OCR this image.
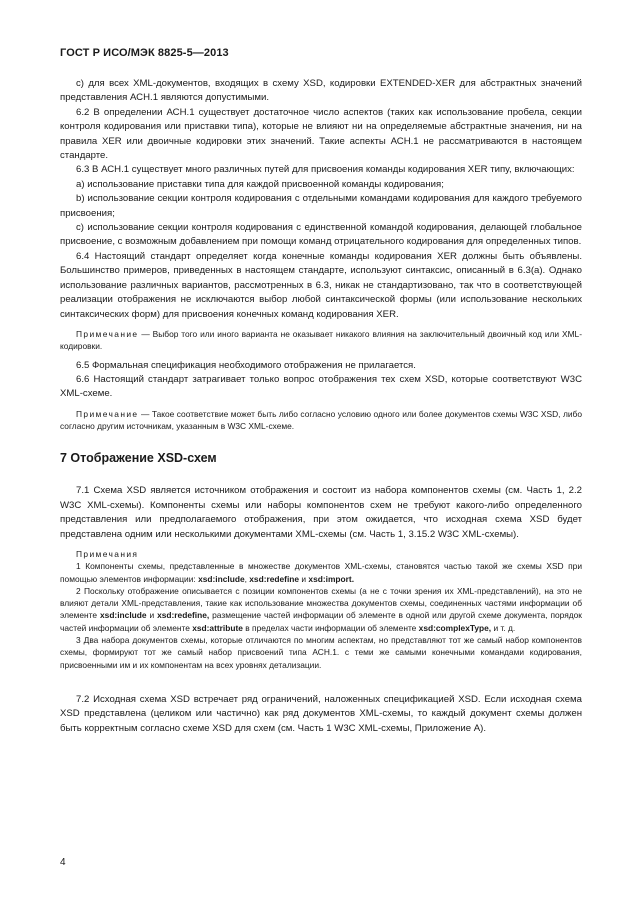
ГОСТ Р ИСО/МЭК 8825-5—2013

с) для всех XML-документов, входящих в схему XSD, кодировки EXTENDED-XER для абстрактных значений представления АСН.1 являются допустимыми.

6.2 В определении АСН.1 существует достаточное число аспектов (таких как использование пробела, секции контроля кодирования или приставки типа), которые не влияют ни на определяемые абстрактные значения, ни на правила XER или двоичные кодировки этих значений. Такие аспекты АСН.1 не рассматриваются в настоящем стандарте.

6.3 В АСН.1 существует много различных путей для присвоения команды кодирования XER типу, включающих:

а) использование приставки типа для каждой присвоенной команды кодирования;

b) использование секции контроля кодирования с отдельными командами кодирования для каждого требуемого присвоения;

с) использование секции контроля кодирования с единственной командой кодирования, делающей глобальное присвоение, с возможным добавлением при помощи команд отрицательного кодирования для определенных типов.

6.4 Настоящий стандарт определяет когда конечные команды кодирования XER должны быть объявлены. Большинство примеров, приведенных в настоящем стандарте, используют синтаксис, описанный в 6.3(a). Однако использование различных вариантов, рассмотренных в 6.3, никак не стандартизовано, так что в соответствующей реализации отображения не исключаются выбор любой синтаксической формы (или использование нескольких синтаксических форм) для присвоения конечных команд кодирования XER.

Примечание — Выбор того или иного варианта не оказывает никакого влияния на заключительный двоичный код или XML-кодировки.

6.5 Формальная спецификация необходимого отображения не прилагается.

6.6 Настоящий стандарт затрагивает только вопрос отображения тех схем XSD, которые соответствуют W3C XML-схеме.

Примечание — Такое соответствие может быть либо согласно условию одного или более документов схемы W3C XSD, либо согласно другим источникам, указанным в W3C XML-схеме.

7 Отображение XSD-схем

7.1 Схема XSD является источником отображения и состоит из набора компонентов схемы (см. Часть 1, 2.2 W3C XML-схемы). Компоненты схемы или наборы компонентов схем не требуют какого-либо определенного представления или предполагаемого отображения, при этом ожидается, что исходная схема XSD будет представлена одним или несколькими документами XML-схемы (см. Часть 1, 3.15.2 W3C XML-схемы).

Примечания

1 Компоненты схемы, представленные в множестве документов XML-схемы, становятся частью такой же схемы XSD при помощью элементов информации: xsd:include, xsd:redefine и xsd:import.

2 Поскольку отображение описывается с позиции компонентов схемы (а не с точки зрения их XML-представлений), на это не влияют детали XML-представления, такие как использование множества документов схемы, соединенных частями информации об элементе xsd:include и xsd:redefine, размещение частей информации об элементе в одной или другой схеме документа, порядок частей информации об элементе xsd:attribute в пределах части информации об элементе xsd:complexType, и т. д.

3 Два набора документов схемы, которые отличаются по многим аспектам, но представляют тот же самый набор компонентов схемы, формируют тот же самый набор присвоений типа АСН.1. с теми же самыми конечными командами кодирования, присвоенными им и их компонентам на всех уровнях детализации.

7.2 Исходная схема XSD встречает ряд ограничений, наложенных спецификацией XSD. Если исходная схема XSD представлена (целиком или частично) как ряд документов XML-схемы, то каждый документ схемы должен быть корректным согласно схеме XSD для схем (см. Часть 1 W3C XML-схемы, Приложение А).

4
